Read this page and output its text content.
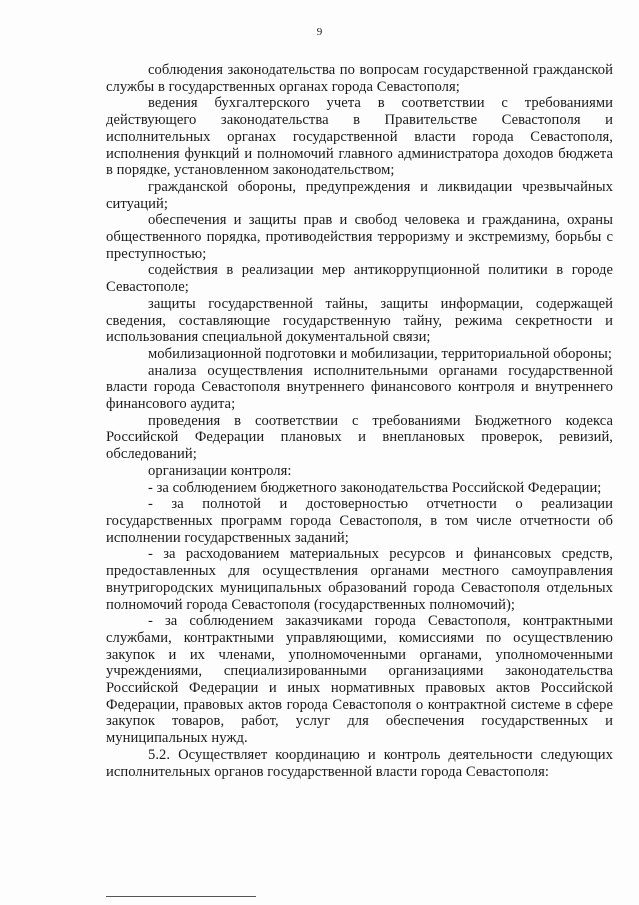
9

соблюдения законодательства по вопросам государственной гражданской службы в государственных органах города Севастополя;

ведения бухгалтерского учета в соответствии с требованиями действующего законодательства в Правительстве Севастополя и исполнительных органах государственной власти города Севастополя, исполнения функций и полномочий главного администратора доходов бюджета в порядке, установленном законодательством;

гражданской обороны, предупреждения и ликвидации чрезвычайных ситуаций;

обеспечения и защиты прав и свобод человека и гражданина, охраны общественного порядка, противодействия терроризму и экстремизму, борьбы с преступностью;

содействия в реализации мер антикоррупционной политики в городе Севастополе;

защиты государственной тайны, защиты информации, содержащей сведения, составляющие государственную тайну, режима секретности и использования специальной документальной связи;

мобилизационной подготовки и мобилизации, территориальной обороны;

анализа осуществления исполнительными органами государственной власти города Севастополя внутреннего финансового контроля и внутреннего финансового аудита;

проведения в соответствии с требованиями Бюджетного кодекса Российской Федерации плановых и внеплановых проверок, ревизий, обследований;

организации контроля:

- за соблюдением бюджетного законодательства Российской Федерации;

- за полнотой и достоверностью отчетности о реализации государственных программ города Севастополя, в том числе отчетности об исполнении государственных заданий;

- за расходованием материальных ресурсов и финансовых средств, предоставленных для осуществления органами местного самоуправления внутригородских муниципальных образований города Севастополя отдельных полномочий города Севастополя (государственных полномочий);

- за соблюдением заказчиками города Севастополя, контрактными службами, контрактными управляющими, комиссиями по осуществлению закупок и их членами, уполномоченными органами, уполномоченными учреждениями, специализированными организациями законодательства Российской Федерации и иных нормативных правовых актов Российской Федерации, правовых актов города Севастополя о контрактной системе в сфере закупок товаров, работ, услуг для обеспечения государственных и муниципальных нужд.

5.2. Осуществляет координацию и контроль деятельности следующих исполнительных органов государственной власти города Севастополя:
